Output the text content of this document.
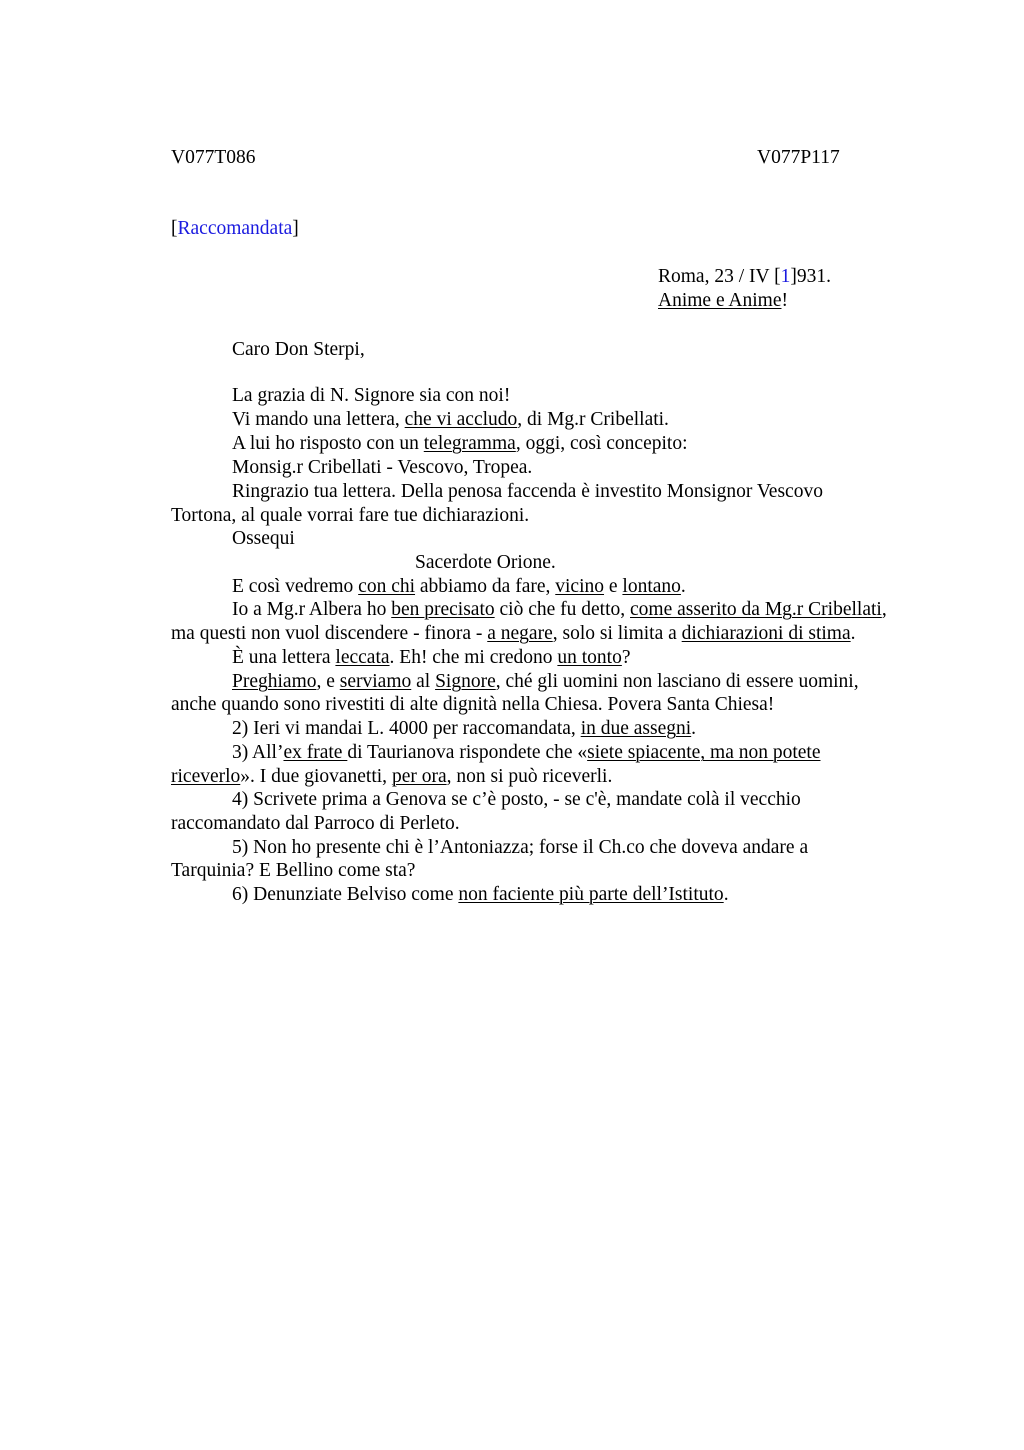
V077T086	V077P117
[Raccomandata]
Roma, 23 / IV [1]931.
Anime e Anime!
Caro Don Sterpi,
La grazia di N. Signore sia con noi!
Vi mando una lettera, che vi accludo, di Mg.r Cribellati.
A lui ho risposto con un telegramma, oggi, così concepito:
Monsig.r Cribellati - Vescovo, Tropea.
Ringrazio tua lettera. Della penosa faccenda è investito Monsignor Vescovo
Tortona, al quale vorrai fare tue dichiarazioni.
Ossequi
Sacerdote Orione.
E così vedremo con chi abbiamo da fare, vicino e lontano.
Io a Mg.r Albera ho ben precisato ciò che fu detto, come asserito da Mg.r Cribellati,
ma questi non vuol discendere - finora - a negare, solo si limita a dichiarazioni di stima.
È una lettera leccata. Eh! che mi credono un tonto?
Preghiamo, e serviamo al Signore, ché gli uomini non lasciano di essere uomini,
anche quando sono rivestiti di alte dignità nella Chiesa. Povera Santa Chiesa!
2) Ieri vi mandai L. 4000 per raccomandata, in due assegni.
3) All’ex frate di Taurianova rispondete che «siete spiacente, ma non potete
riceverlo». I due giovanetti, per ora, non si può riceverli.
4) Scrivete prima a Genova se c’è posto, - se c'è, mandate colà il vecchio
raccomandato dal Parroco di Perleto.
5) Non ho presente chi è l’Antoniazza; forse il Ch.co che doveva andare a
Tarquinia? E Bellino come sta?
6) Denunziate Belviso come non faciente più parte dell’Istituto.
